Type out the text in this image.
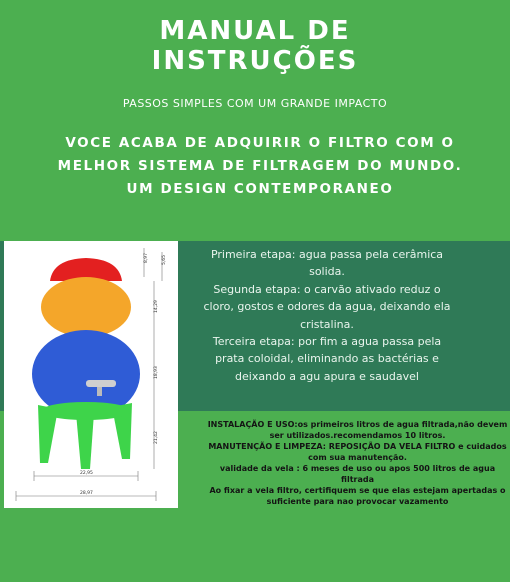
MANUAL DE
INSTRUÇÕES
PASSOS SIMPLES COM UM GRANDE IMPACTO
VOCE ACABA DE ADQUIRIR O FILTRO COM O
MELHOR SISTEMA DE FILTRAGEM DO MUNDO.
UM DESIGN CONTEMPORANEO
8,97	5,65
14,29
18,93
21,42
22,95
28,97

Primeira etapa: agua passa pela cerâmica solida.

Segunda etapa: o carvão ativado reduz o cloro, gostos e odores da agua, deixando ela cristalina.

Terceira etapa: por fim a agua passa pela prata coloidal, eliminando as bactérias e deixando a agu apura e saudavel

INSTALAÇÃO E USO:os primeiros litros de agua filtrada,não devem ser utilizados.recomendamos 10 litros.

MANUTENÇÃO E LIMPEZA: REPOSIÇÃO DA VELA FILTRO e cuidados com sua manutenção.

validade da vela : 6 meses de uso ou apos 500 litros de agua filtrada

Ao fixar a vela filtro, certifiquem se que elas estejam apertadas o suficiente para nao provocar vazamento
